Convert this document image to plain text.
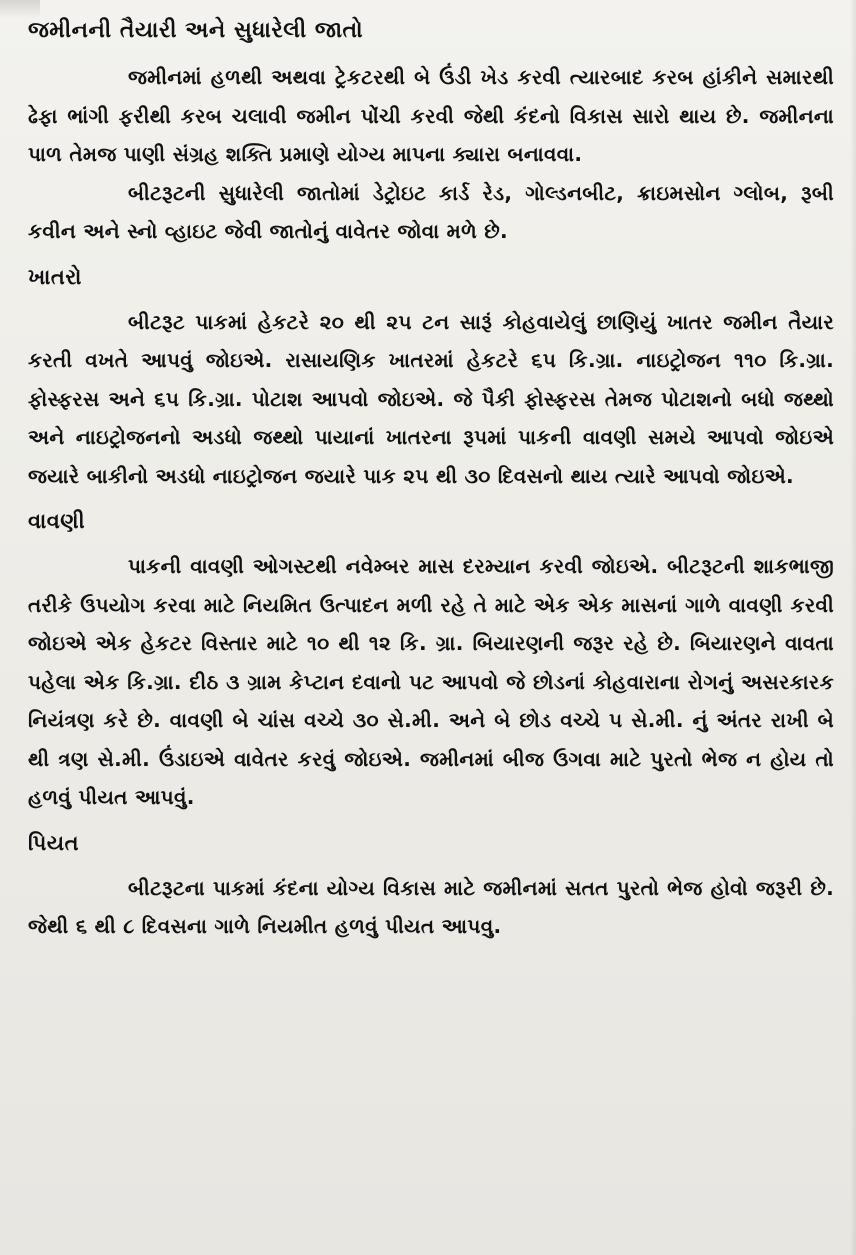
જમીનની તૈયારી અને સુધારેલી જાતો

જમીનમાં હળથી અથવા ટ્રેકટરથી બે ઉંડી ખેડ કરવી ત્યારબાદ કરબ હાંકીને સમારથી ઢેફા ભાંગી ફરીથી કરબ ચલાવી જમીન પોંચી કરવી જેથી કંદનો વિકાસ સારો થાય છે. જમીનના પાળ તેમજ પાણી સંગ્રહ શક્તિ પ્રમાણે યોગ્ય માપના ક્યારા બનાવવા.

બીટરૂટની સુધારેલી જાતોમાં ડેટ્રોઇટ કાર્ડ રેડ, ગોલ્ડનબીટ, ક્રાઇમસોન ગ્લોબ, રૂબી કવીન અને સ્નો વ્હાઇટ જેવી જાતોનું વાવેતર જોવા મળે છે.

ખાતરો

બીટરૂટ પાકમાં હેકટરે ૨૦ થી ૨૫ ટન સારૂં કોહવાયેલું છાણિયું ખાતર જમીન તૈયાર કરતી વખતે આપવું જોઇએ. રાસાયણિક ખાતરમાં હેકટરે ૬૫ કિ.ગ્રા. નાઇટ્રોજન ૧૧૦ કિ.ગ્રા. ફોસ્ફરસ અને ૬૫ કિ.ગ્રા. પોટાશ આપવો જોઇએ. જે પૈકી ફોસ્ફરસ તેમજ પોટાશનો બધો જથ્થો અને નાઇટ્રોજનનો અડધો જથ્થો પાયાનાં ખાતરના રૂપમાં પાકની વાવણી સમયે આપવો જોઇએ જયારે બાકીનો અડધો નાઇટ્રોજન જયારે પાક ૨૫ થી ૩૦ દિવસનો થાય ત્યારે આપવો જોઇએ.

વાવણી

પાકની વાવણી ઓગસ્ટથી નવેમ્બર માસ દરમ્યાન કરવી જોઇએ. બીટરૂટની શાકભાજી તરીકે ઉપયોગ કરવા માટે નિયમિત ઉત્પાદન મળી રહે તે માટે એક એક માસનાં ગાળે વાવણી કરવી જોઇએ એક હેકટર વિસ્તાર માટે ૧૦ થી ૧૨ કિ. ગ્રા. બિયારણની જરૂર રહે છે. બિયારણને વાવતા પહેલા એક કિ.ગ્રા. દીઠ ૩ ગ્રામ કેપ્ટાન દવાનો પટ આપવો જે છોડનાં કોહવારાના રોગનું અસરકારક નિયંત્રણ કરે છે. વાવણી બે ચાંસ વચ્ચે ૩૦ સે.મી. અને બે છોડ વચ્ચે ૫ સે.મી. નું અંતર રાખી બે થી ત્રણ સે.મી. ઉંડાઇએ વાવેતર કરવું જોઇએ. જમીનમાં બીજ ઉગવા માટે પુરતો ભેજ ન હોય તો હળવું પીયત આપવું.

પિયત

બીટરૂટના પાકમાં કંદના યોગ્ય વિકાસ માટે જમીનમાં સતત પુરતો ભેજ હોવો જરૂરી છે. જેથી ૬ થી ૮ દિવસના ગાળે નિયમીત હળવું પીયત આપવુ.
